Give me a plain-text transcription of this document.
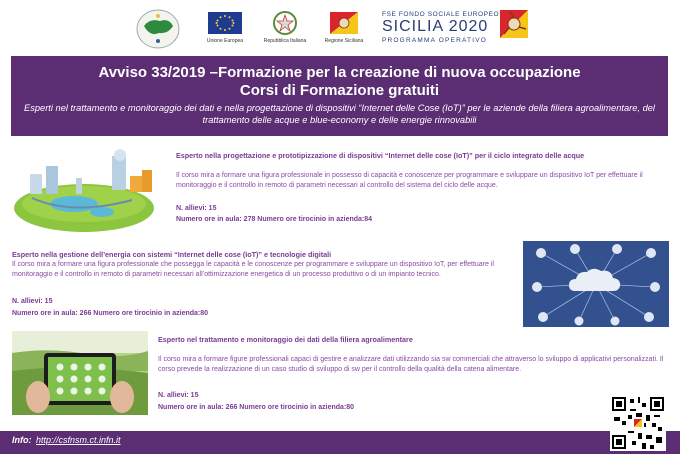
Unione Europea	Repubblica Italiana	Regione Siciliana
FSE FONDO SOCIALE EUROPEO
SICILIA 2020
PROGRAMMA OPERATIVO
Avviso 33/2019 –Formazione per la creazione di nuova occupazione
Corsi di Formazione gratuiti
Esperti nel trattamento e monitoraggio dei dati e nella progettazione di dispositivi “Internet delle Cose (IoT)” per le aziende della filiera agroalimentare, del trattamento delle acque e blue-economy e delle energie rinnovabili
Esperto nella progettazione e prototipizzazione di dispositivi “Internet delle cose (IoT)” per il ciclo integrato delle acque
Il corso mira a formare una figura professionale in possesso di capacità e conoscenze per programmare e sviluppare un dispositivo IoT per effettuare il monitoraggio e il controllo in remoto di parametri necessari al controllo del sistema del ciclo delle acque.
N. allievi: 15
Numero ore in aula: 278 Numero ore tirocinio in azienda:84
Esperto nella gestione dell’energia con sistemi “Internet delle cose (IoT)” e tecnologie digitali
Il corso mira a formare una figura professionale che possegga le capacità e le conoscenze per programmare e sviluppare un dispositivo IoT, per effettuare il monitoraggio e il controllo in remoto di parametri necessari all’ottimizzazione energetica di un processo produttivo o di un impianto tecnico.
N. allievi: 15
Numero ore in aula: 266 Numero ore tirocinio in azienda:80
Esperto nel trattamento e monitoraggio dei dati della filiera agroalimentare
Il corso mira a formare figure professionali capaci di gestire e analizzare dati utilizzando sia sw commerciali che attraverso lo sviluppo di applicativi personalizzati. Il corso prevede la realizzazione di un caso studio di sviluppo di sw per il controllo della qualità della catena alimentare.
N. allievi: 15
Numero ore in aula: 266 Numero ore tirocinio in azienda:80
Info: http://csfnsm.ct.infn.it
